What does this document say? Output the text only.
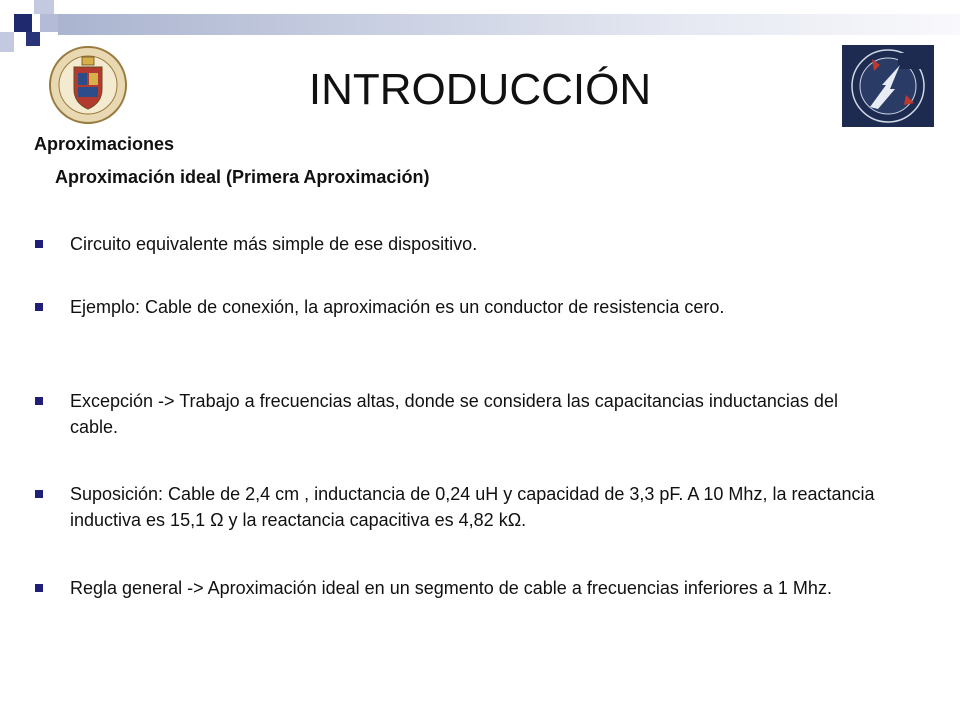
INTRODUCCIÓN

Aproximaciones

Aproximación ideal (Primera Aproximación)

Circuito equivalente más simple de ese dispositivo.
Ejemplo: Cable de conexión, la aproximación es un conductor de resistencia cero.
Excepción -> Trabajo a frecuencias altas, donde se considera las capacitancias inductancias del cable.
Suposición: Cable de 2,4 cm , inductancia de 0,24 uH y capacidad de 3,3 pF. A 10 Mhz, la reactancia inductiva es 15,1 Ω y la reactancia capacitiva es 4,82 kΩ.
Regla general -> Aproximación ideal en un segmento de cable a frecuencias inferiores a 1 Mhz.
